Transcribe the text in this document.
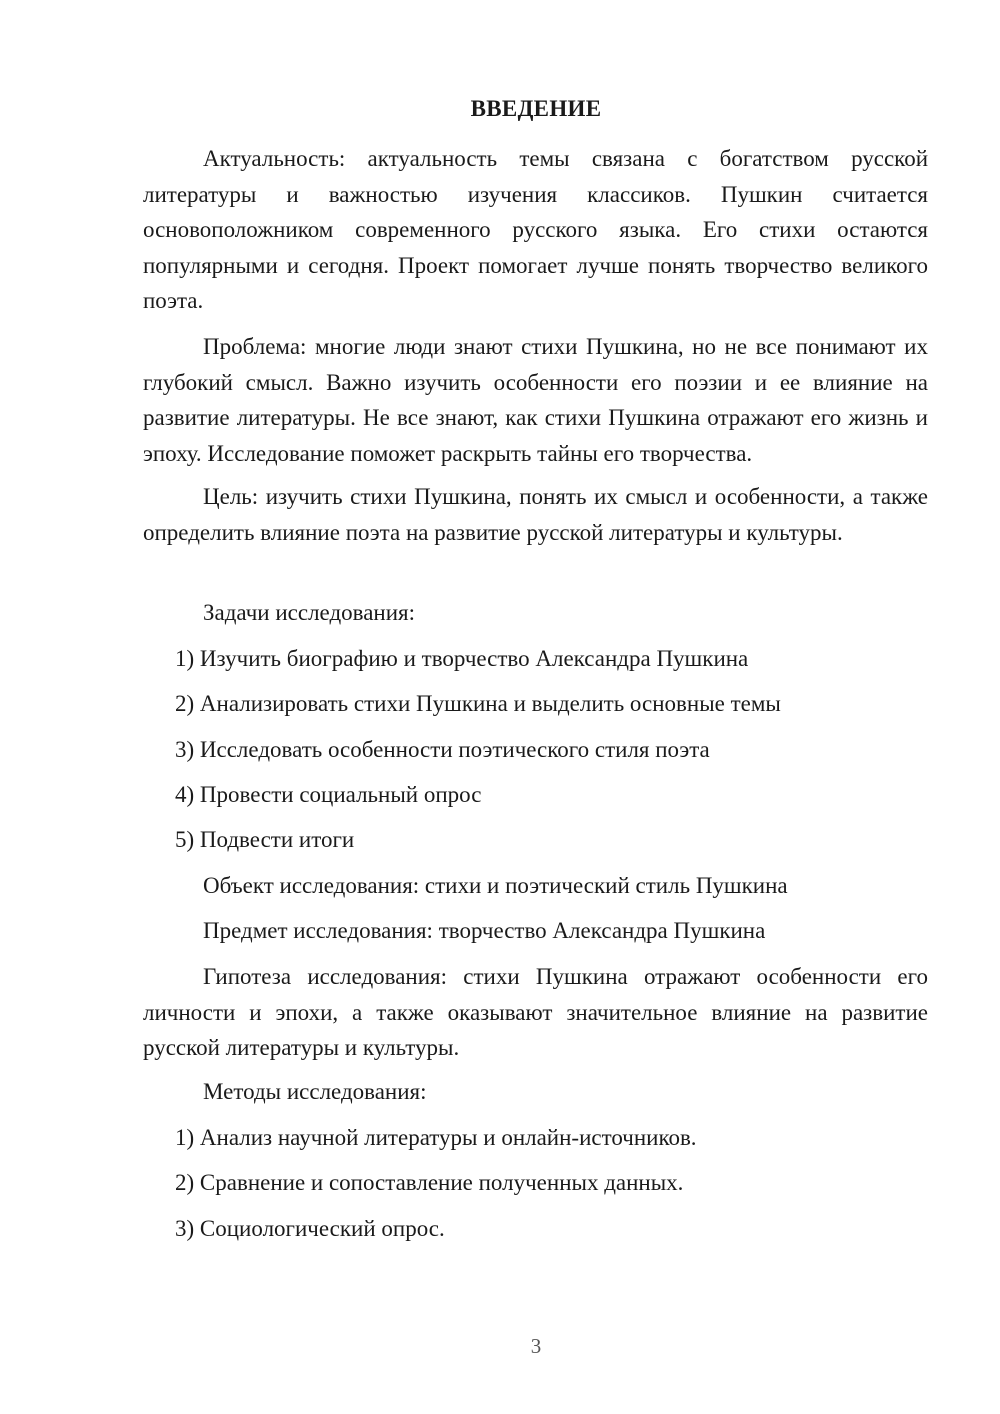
ВВЕДЕНИЕ

Актуальность: актуальность темы связана с богатством русской литературы и важностью изучения классиков. Пушкин считается основоположником современного русского языка. Его стихи остаются популярными и сегодня. Проект помогает лучше понять творчество великого поэта.

Проблема: многие люди знают стихи Пушкина, но не все понимают их глубокий смысл. Важно изучить особенности его поэзии и ее влияние на развитие литературы. Не все знают, как стихи Пушкина отражают его жизнь и эпоху. Исследование поможет раскрыть тайны его творчества.

Цель: изучить стихи Пушкина, понять их смысл и особенности, а также определить влияние поэта на развитие русской литературы и культуры.

Задачи исследования:

1) Изучить биографию и творчество Александра Пушкина

2) Анализировать стихи Пушкина и выделить основные темы

3) Исследовать особенности поэтического стиля поэта

4) Провести социальный опрос

5) Подвести итоги

Объект исследования: стихи и поэтический стиль Пушкина

Предмет исследования: творчество Александра Пушкина

Гипотеза исследования: стихи Пушкина отражают особенности его личности и эпохи, а также оказывают значительное влияние на развитие русской литературы и культуры.

Методы исследования:

1) Анализ научной литературы и онлайн-источников.

2) Сравнение и сопоставление полученных данных.

3) Социологический опрос.

3
